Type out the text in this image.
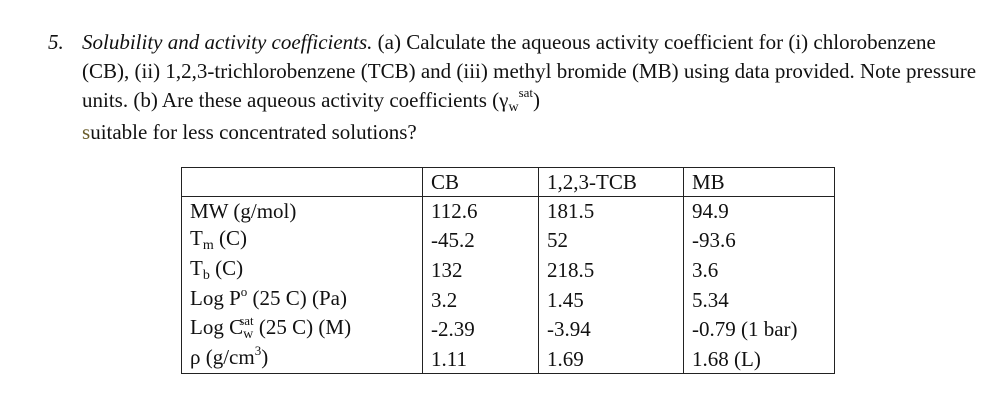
5. Solubility and activity coefficients. (a) Calculate the aqueous activity coefficient for (i) chlorobenzene (CB), (ii) 1,2,3-trichlorobenzene (TCB) and (iii) methyl bromide (MB) using data provided. Note pressure units. (b) Are these aqueous activity coefficients $(\gamma w^{sat})$
suitable for less concentrated solutions?
	CB	1,2,3-TCB	MB
MW (g/mol)	112.6	181.5	94.9
Tm (C)	-45.2	52	-93.6
Tb (C)	132	218.5	3.6
Log $P^o$ (25 C) (Pa)	3.2	1.45	5.34
Log $Cw^{sat}$ (25 C) (M)	-2.39	-3.94	-0.79 (1 bar)
ρ $(g/cm^3)$	1.11	1.69	1.68 (L)
